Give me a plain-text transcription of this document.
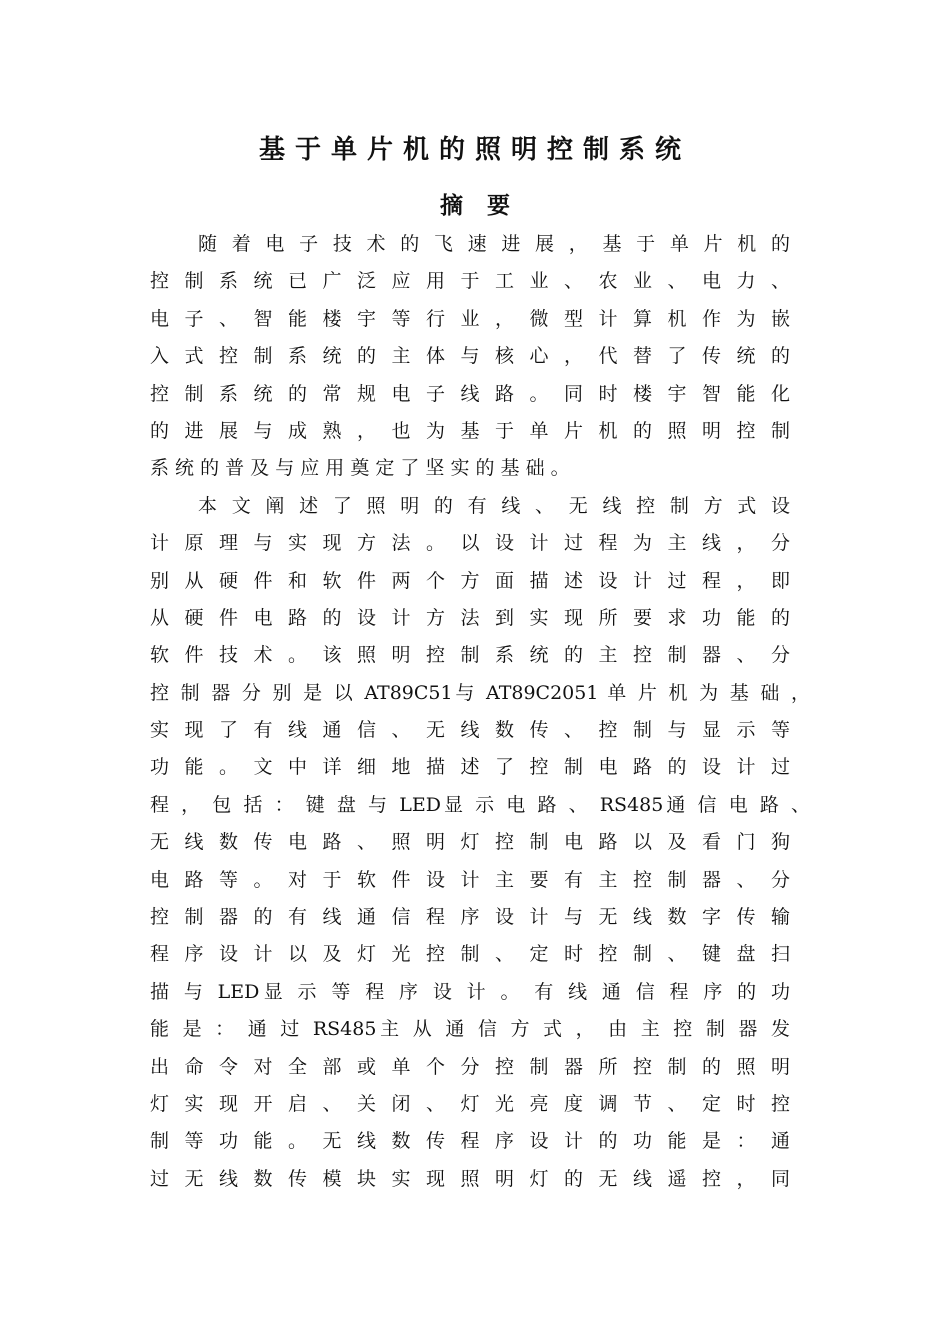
基于单片机的照明控制系统
摘要
随 着 电 子 技 术 的 飞 速 进 展 ， 基 于 单 片 机 的
控 制 系 统 已 广 泛 应 用 于 工 业 、 农 业 、 电 力 、
电 子 、 智 能 楼 宇 等 行 业 ， 微 型 计 算 机 作 为 嵌
入 式 控 制 系 统 的 主 体 与 核 心 ， 代 替 了 传 统 的
控 制 系 统 的 常 规 电 子 线 路 。 同 时 楼 宇 智 能 化
的 进 展 与 成 熟 ， 也 为 基 于 单 片 机 的 照 明 控 制
系 统 的 普 及 与 应 用 奠 定 了 坚 实 的 基 础 。
本 文 阐 述 了 照 明 的 有 线 、 无 线 控 制 方 式 设
计 原 理 与 实 现 方 法 。 以 设 计 过 程 为 主 线 ， 分
别 从 硬 件 和 软 件 两 个 方 面 描 述 设 计 过 程 ， 即
从 硬 件 电 路 的 设 计 方 法 到 实 现 所 要 求 功 能 的
软 件 技 术 。 该 照 明 控 制 系 统 的 主 控 制 器 、 分
控 制 器 分 别 是 以 AT89C51与 AT89C2051 单 片 机 为 基 础 ，
实 现 了 有 线 通 信 、 无 线 数 传 、 控 制 与 显 示 等
功 能 。 文 中 详 细 地 描 述 了 控 制 电 路 的 设 计 过
程 ， 包 括 ： 键 盘 与 LED显 示 电 路 、 RS485通 信 电 路 、
无 线 数 传 电 路 、 照 明 灯 控 制 电 路 以 及 看 门 狗
电 路 等 。 对 于 软 件 设 计 主 要 有 主 控 制 器 、 分
控 制 器 的 有 线 通 信 程 序 设 计 与 无 线 数 字 传 输
程 序 设 计 以 及 灯 光 控 制 、 定 时 控 制 、 键 盘 扫
描 与 LED显 示 等 程 序 设 计 。 有 线 通 信 程 序 的 功
能 是 ： 通 过 RS485主 从 通 信 方 式 ， 由 主 控 制 器 发
出 命 令 对 全 部 或 单 个 分 控 制 器 所 控 制 的 照 明
灯 实 现 开 启 、 关 闭 、 灯 光 亮 度 调 节 、 定 时 控
制 等 功 能 。 无 线 数 传 程 序 设 计 的 功 能 是 ： 通
过 无 线 数 传 模 块 实 现 照 明 灯 的 无 线 遥 控 ， 同
